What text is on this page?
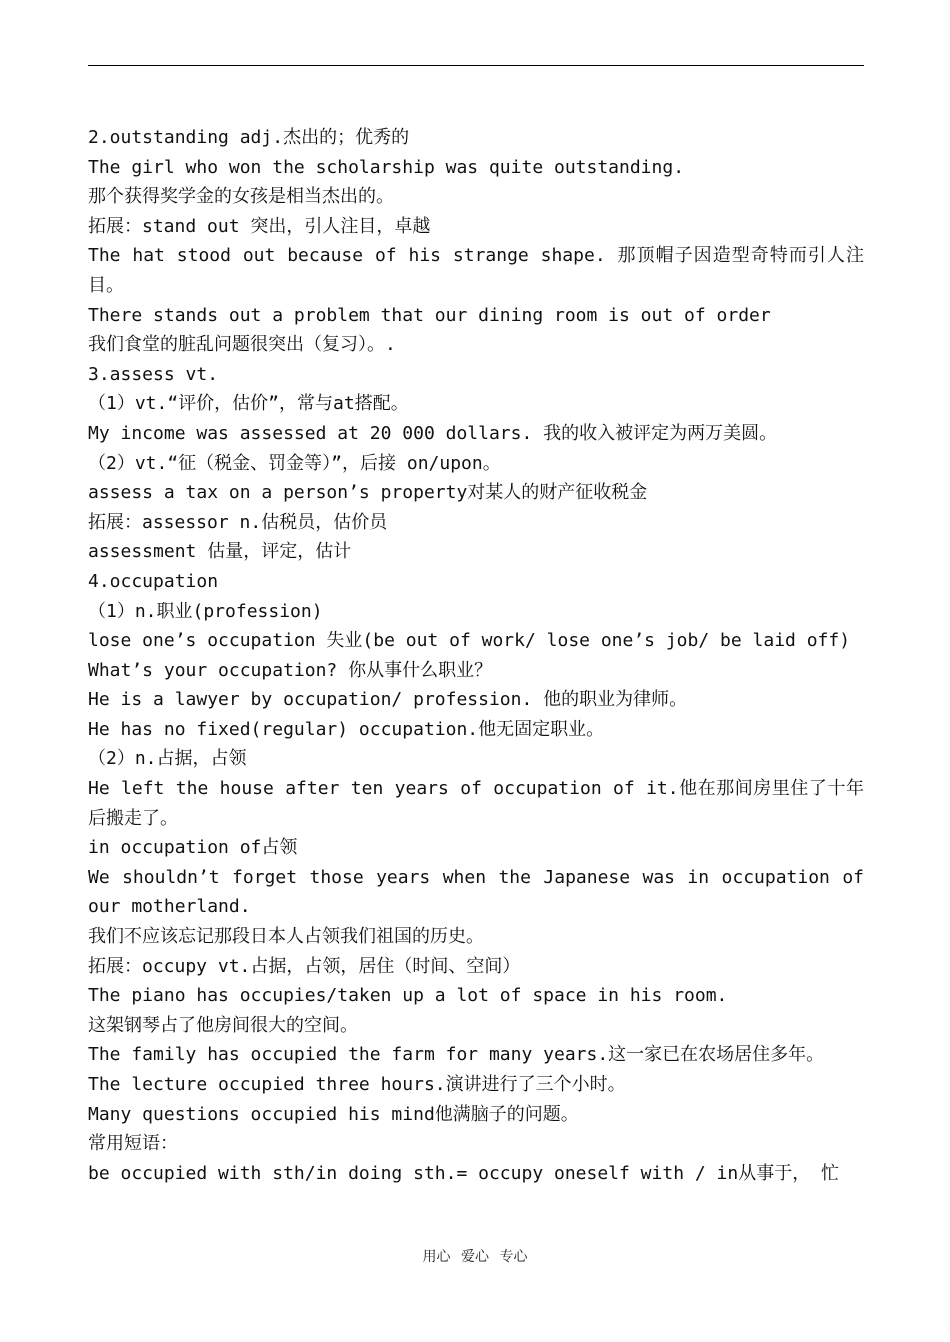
2.outstanding adj.杰出的；优秀的
The girl who won the scholarship was quite outstanding.
那个获得奖学金的女孩是相当杰出的。
拓展：stand out 突出，引人注目，卓越
The hat stood out because of his strange shape. 那顶帽子因造型奇特而引人注目。
There stands out a problem that our dining room is out of order
我们食堂的脏乱问题很突出（复习）。.
3.assess vt.
（1）vt.“评价，估价”，常与at搭配。
My income was assessed at 20 000 dollars. 我的收入被评定为两万美圆。
（2）vt.“征（税金、罚金等）”，后接 on/upon。
assess a tax on a person’s property对某人的财产征收税金
拓展：assessor n.估税员，估价员
assessment 估量，评定，估计
4.occupation
（1）n.职业(profession)
lose one’s occupation 失业(be out of work/ lose one’s job/ be laid off)
What’s your occupation? 你从事什么职业？
He is a lawyer by occupation/ profession. 他的职业为律师。
He has no fixed(regular) occupation.他无固定职业。
（2）n.占据，占领
He left the house after ten years of occupation of it.他在那间房里住了十年后搬走了。
in occupation of占领
We shouldn’t forget those years when the Japanese was in occupation of our motherland.
我们不应该忘记那段日本人占领我们祖国的历史。
拓展：occupy vt.占据，占领，居住（时间、空间）
The piano has occupies/taken up a lot of space in his room.
这架钢琴占了他房间很大的空间。
The family has occupied the farm for many years.这一家已在农场居住多年。
The lecture occupied three hours.演讲进行了三个小时。
Many questions occupied his mind他满脑子的问题。
常用短语：
be occupied with sth/in doing sth.= occupy oneself with / in从事于， 忙
用心 爱心 专心
